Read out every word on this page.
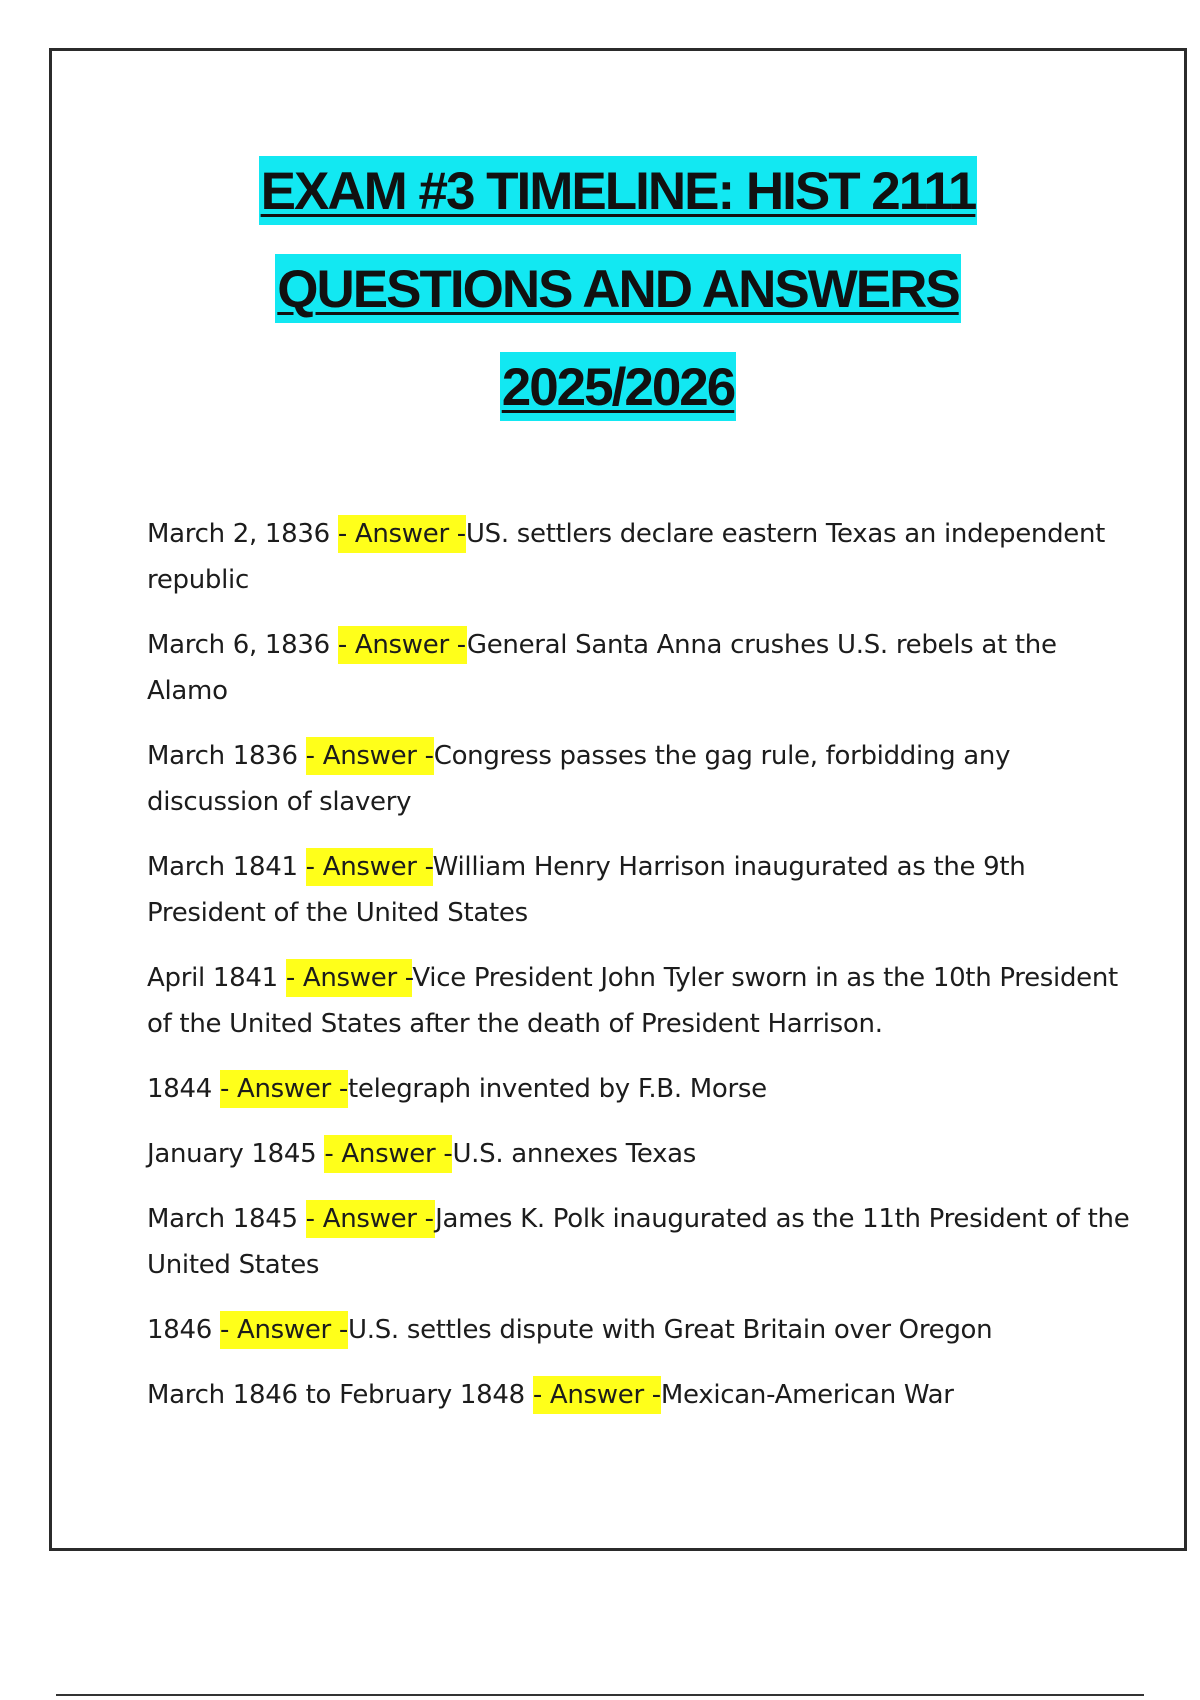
EXAM #3 TIMELINE: HIST 2111
QUESTIONS AND ANSWERS
2025/2026
March 2, 1836 - Answer -US. settlers declare eastern Texas an independent republic
March 6, 1836 - Answer -General Santa Anna crushes U.S. rebels at the Alamo
March 1836 - Answer -Congress passes the gag rule, forbidding any discussion of slavery
March 1841 - Answer -William Henry Harrison inaugurated as the 9th President of the United States
April 1841 - Answer -Vice President John Tyler sworn in as the 10th President of the United States after the death of President Harrison.
1844 - Answer -telegraph invented by F.B. Morse
January 1845 - Answer -U.S. annexes Texas
March 1845 - Answer -James K. Polk inaugurated as the 11th President of the United States
1846 - Answer -U.S. settles dispute with Great Britain over Oregon
March 1846 to February 1848 - Answer -Mexican-American War
